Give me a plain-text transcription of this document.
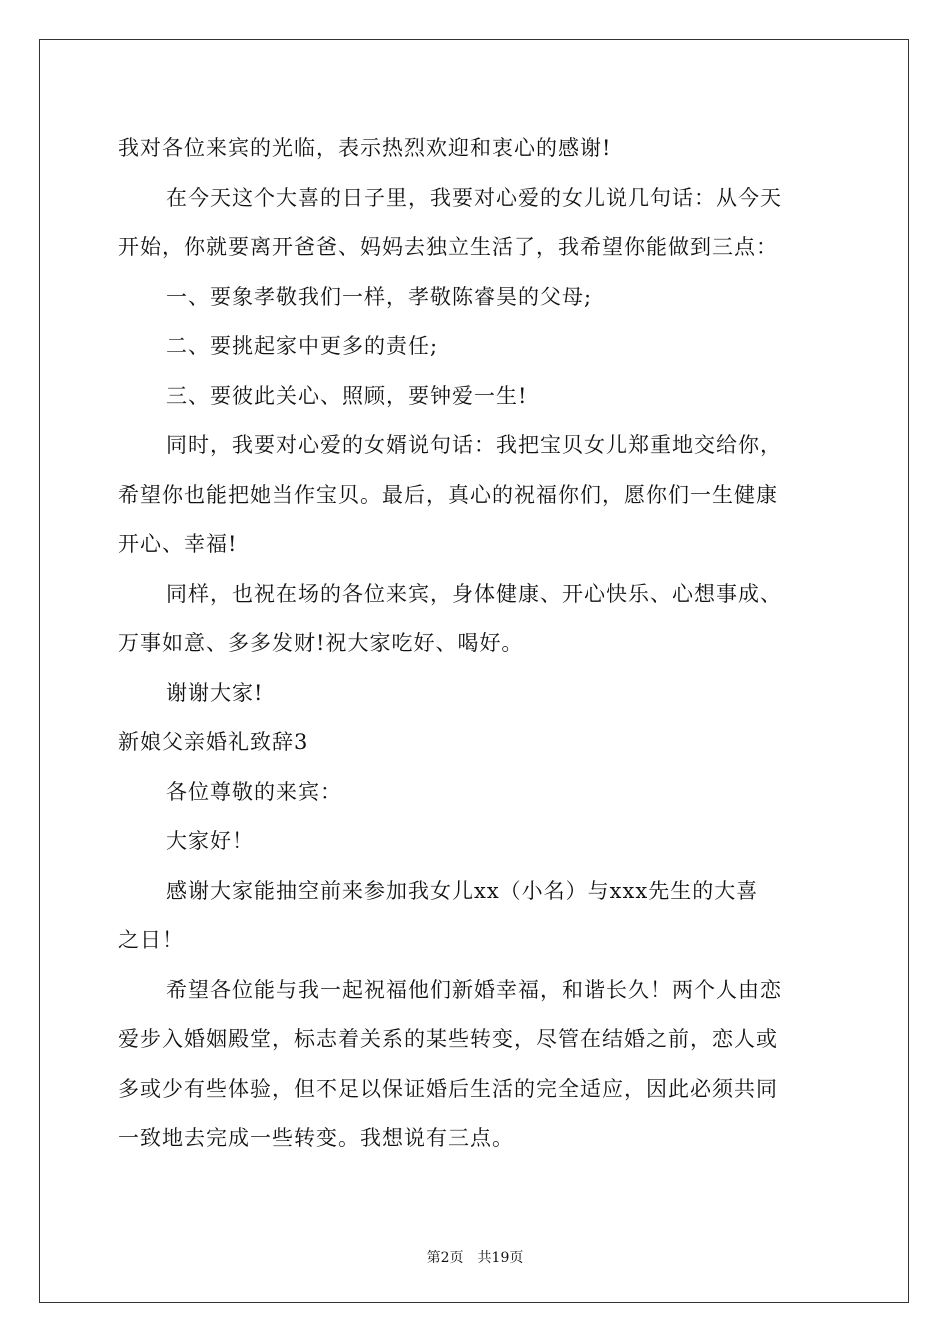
我对各位来宾的光临，表示热烈欢迎和衷心的感谢!
在今天这个大喜的日子里，我要对心爱的女儿说几句话：从今天
开始，你就要离开爸爸、妈妈去独立生活了，我希望你能做到三点：
一、要象孝敬我们一样，孝敬陈睿昊的父母;
二、要挑起家中更多的责任;
三、要彼此关心、照顾，要钟爱一生!
同时，我要对心爱的女婿说句话：我把宝贝女儿郑重地交给你，
希望你也能把她当作宝贝。最后，真心的祝福你们，愿你们一生健康
开心、幸福!
同样，也祝在场的各位来宾，身体健康、开心快乐、心想事成、
万事如意、多多发财!祝大家吃好、喝好。
谢谢大家!
新娘父亲婚礼致辞3
各位尊敬的来宾：
大家好！
感谢大家能抽空前来参加我女儿xx（小名）与xxx先生的大喜
之日！
希望各位能与我一起祝福他们新婚幸福，和谐长久！两个人由恋
爱步入婚姻殿堂，标志着关系的某些转变，尽管在结婚之前，恋人或
多或少有些体验，但不足以保证婚后生活的完全适应，因此必须共同
一致地去完成一些转变。我想说有三点。
第2页 共19页
